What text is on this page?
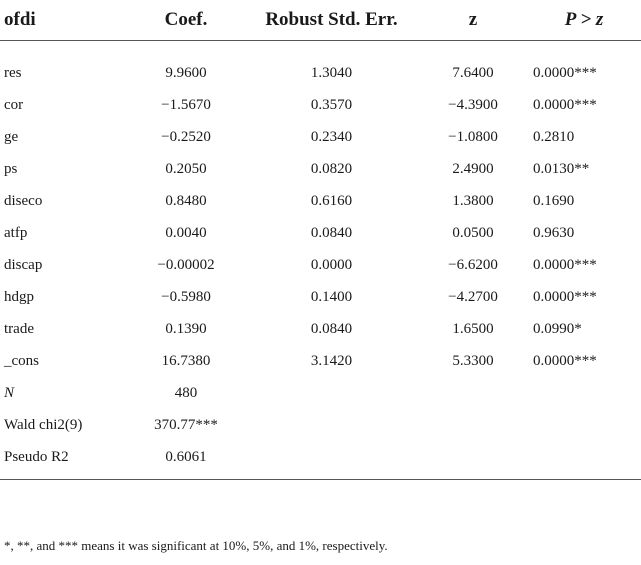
ofdi	Coef.	Robust Std. Err.	z	P > z
res	9.9600	1.3040	7.6400	0.0000***
cor	−1.5670	0.3570	−4.3900	0.0000***
ge	−0.2520	0.2340	−1.0800	0.2810
ps	0.2050	0.0820	2.4900	0.0130**
diseco	0.8480	0.6160	1.3800	0.1690
atfp	0.0040	0.0840	0.0500	0.9630
discap	−0.00002	0.0000	−6.6200	0.0000***
hdgp	−0.5980	0.1400	−4.2700	0.0000***
trade	0.1390	0.0840	1.6500	0.0990*
_cons	16.7380	3.1420	5.3300	0.0000***
N	480			
Wald chi2(9)	370.77***			
Pseudo R2	0.6061			
*, **, and *** means it was significant at 10%, 5%, and 1%, respectively.
